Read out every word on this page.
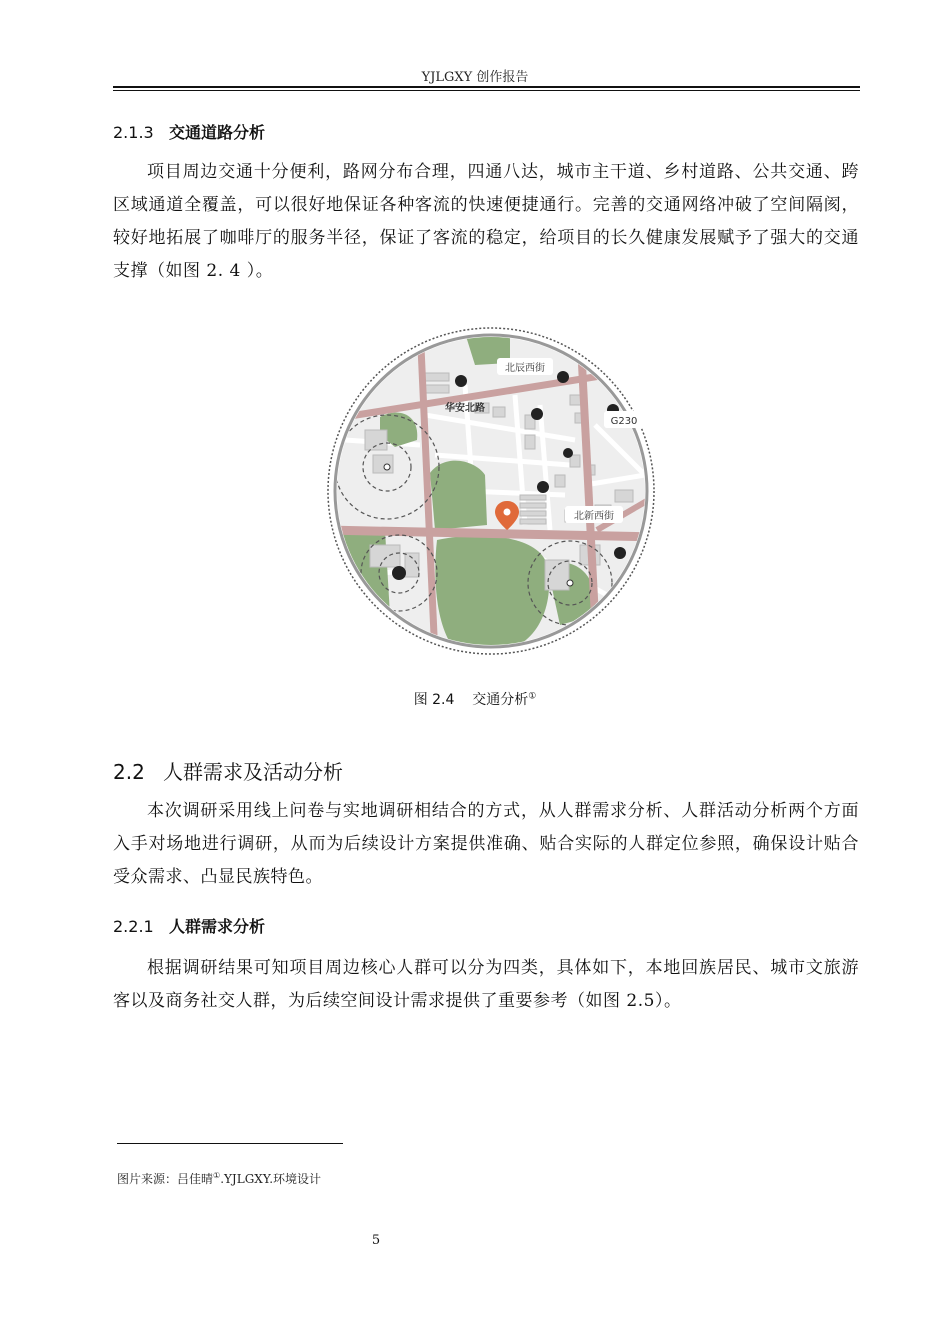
YJLGXY 创作报告
2.1.3 交通道路分析
项目周边交通十分便利，路网分布合理，四通八达，城市主干道、乡村道路、公共交通、跨区域通道全覆盖，可以很好地保证各种客流的快速便捷通行。完善的交通网络冲破了空间隔阂，较好地拓展了咖啡厅的服务半径，保证了客流的稳定，给项目的长久健康发展赋予了强大的交通支撑（如图 2. 4 ）。
北辰西街
华安北路
G230
北新西街
图 2.4 交通分析①
2.2 人群需求及活动分析
本次调研采用线上问卷与实地调研相结合的方式，从人群需求分析、人群活动分析两个方面入手对场地进行调研，从而为后续设计方案提供准确、贴合实际的人群定位参照，确保设计贴合受众需求、凸显民族特色。
2.2.1 人群需求分析
根据调研结果可知项目周边核心人群可以分为四类，具体如下，本地回族居民、城市文旅游客以及商务社交人群，为后续空间设计需求提供了重要参考（如图 2.5）。
图片来源：吕佳晴①.YJLGXY.环境设计
5
